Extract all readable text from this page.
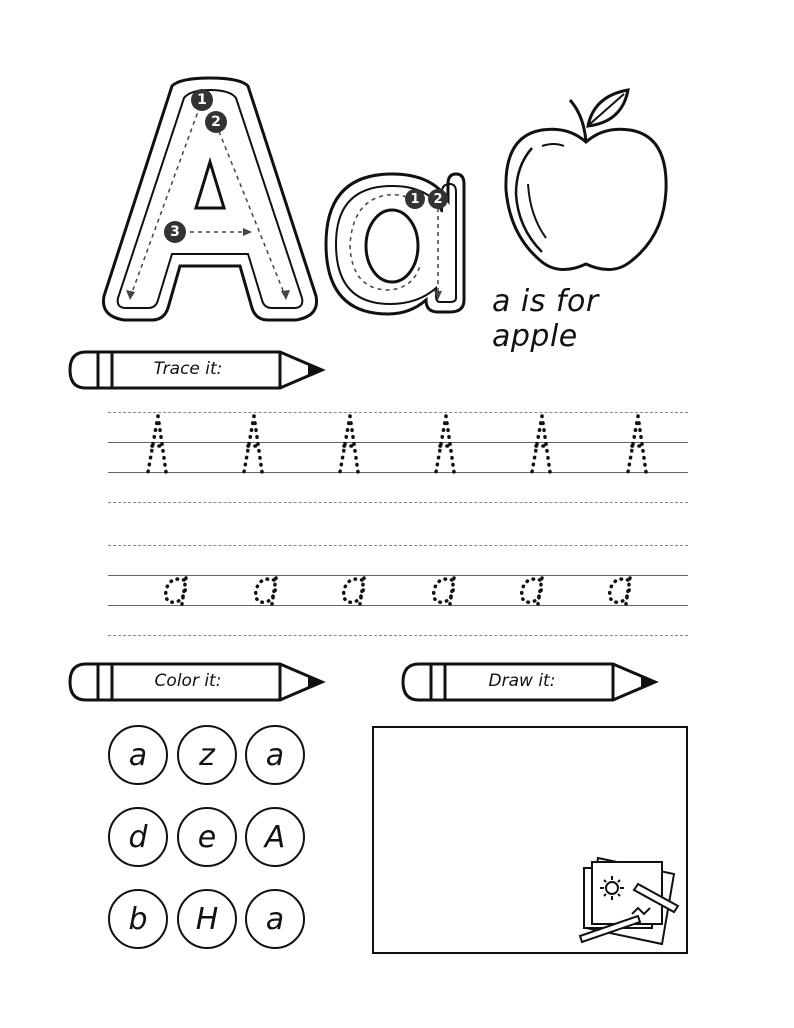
1
2
3
1	2
a is for apple
Trace it:
Color it:	Draw it:
a	z	a
d	e	A
b	H	a
